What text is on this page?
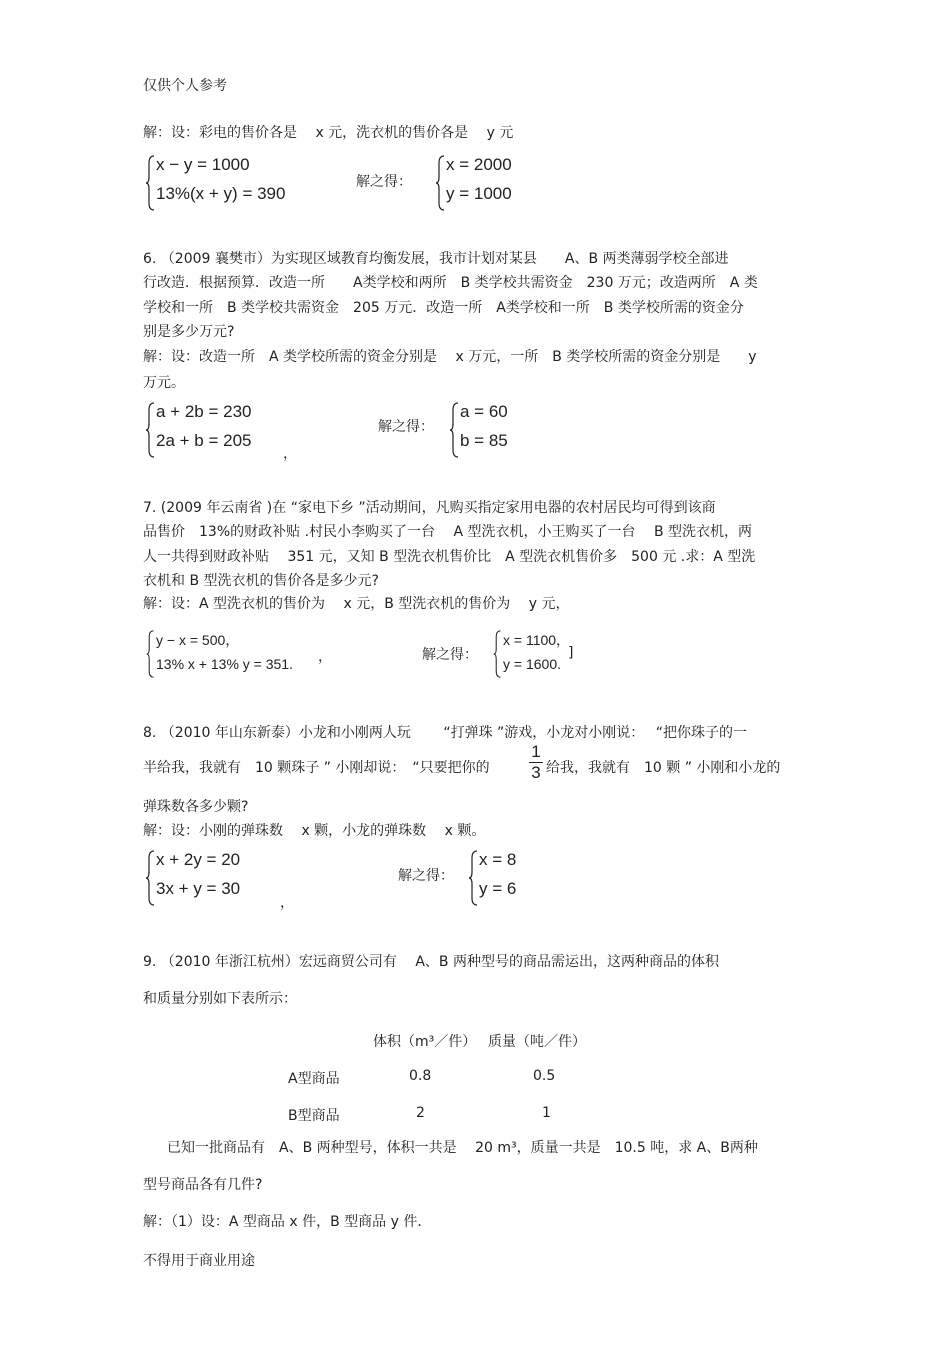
仅供个人参考
解：设：彩电的售价各是　 x 元，洗衣机的售价各是　 y 元
x − y = 1000
13%(x + y) = 390
解之得：
x = 2000
y = 1000
6. （2009 襄樊市）为实现区域教育均衡发展，我市计划对某县　　A、B 两类薄弱学校全部进
行改造．根据预算．改造一所　　A类学校和两所　B 类学校共需资金　230 万元；改造两所　A 类
学校和一所　B 类学校共需资金　205 万元．改造一所　A类学校和一所　B 类学校所需的资金分
别是多少万元?
解：设：改造一所　A 类学校所需的资金分别是　 x 万元，一所　B 类学校所需的资金分别是　　y
万元。
a + 2b = 230
2a + b = 205
，
解之得：
a = 60
b = 85
7. (2009 年云南省 )在 “家电下乡 ”活动期间，凡购买指定家用电器的农村居民均可得到该商
品售价　13%的财政补贴 .村民小李购买了一台　 A 型洗衣机，小王购买了一台　 B 型洗衣机，两
人一共得到财政补贴　 351 元，又知 B 型洗衣机售价比　A 型洗衣机售价多　500 元 .求：A 型洗
衣机和 B 型洗衣机的售价各是多少元?
解：设：A 型洗衣机的售价为　 x 元，B 型洗衣机的售价为　 y 元，
y − x = 500，
13% x + 13% y = 351. ，	解之得：
x = 1100，
y = 1600.
]
8. （2010 年山东新泰）小龙和小刚两人玩　　 “打弹珠 ”游戏，小龙对小刚说：　 “把你珠子的一
半给我，我就有　10 颗珠子 ” 小刚却说：　“只要把你的
1
3 给我，我就有　10 颗 ” 小刚和小龙的
弹珠数各多少颗?
解：设：小刚的弹珠数　 x 颗，小龙的弹珠数　 x 颗。
x + 2y = 20
3x + y = 30
，
解之得：
x = 8
y = 6
9. （2010 年浙江杭州）宏远商贸公司有　 A、B 两种型号的商品需运出，这两种商品的体积
和质量分别如下表所示：
体积（m³／件） 质量（吨／件）
A型商品	0.8	0.5
B型商品	2	1
已知一批商品有　A、B 两种型号，体积一共是　 20 m³，质量一共是　10.5 吨，求 A、B两种
型号商品各有几件?
解：（1）设：A 型商品 x 件，B 型商品 y 件．
不得用于商业用途
